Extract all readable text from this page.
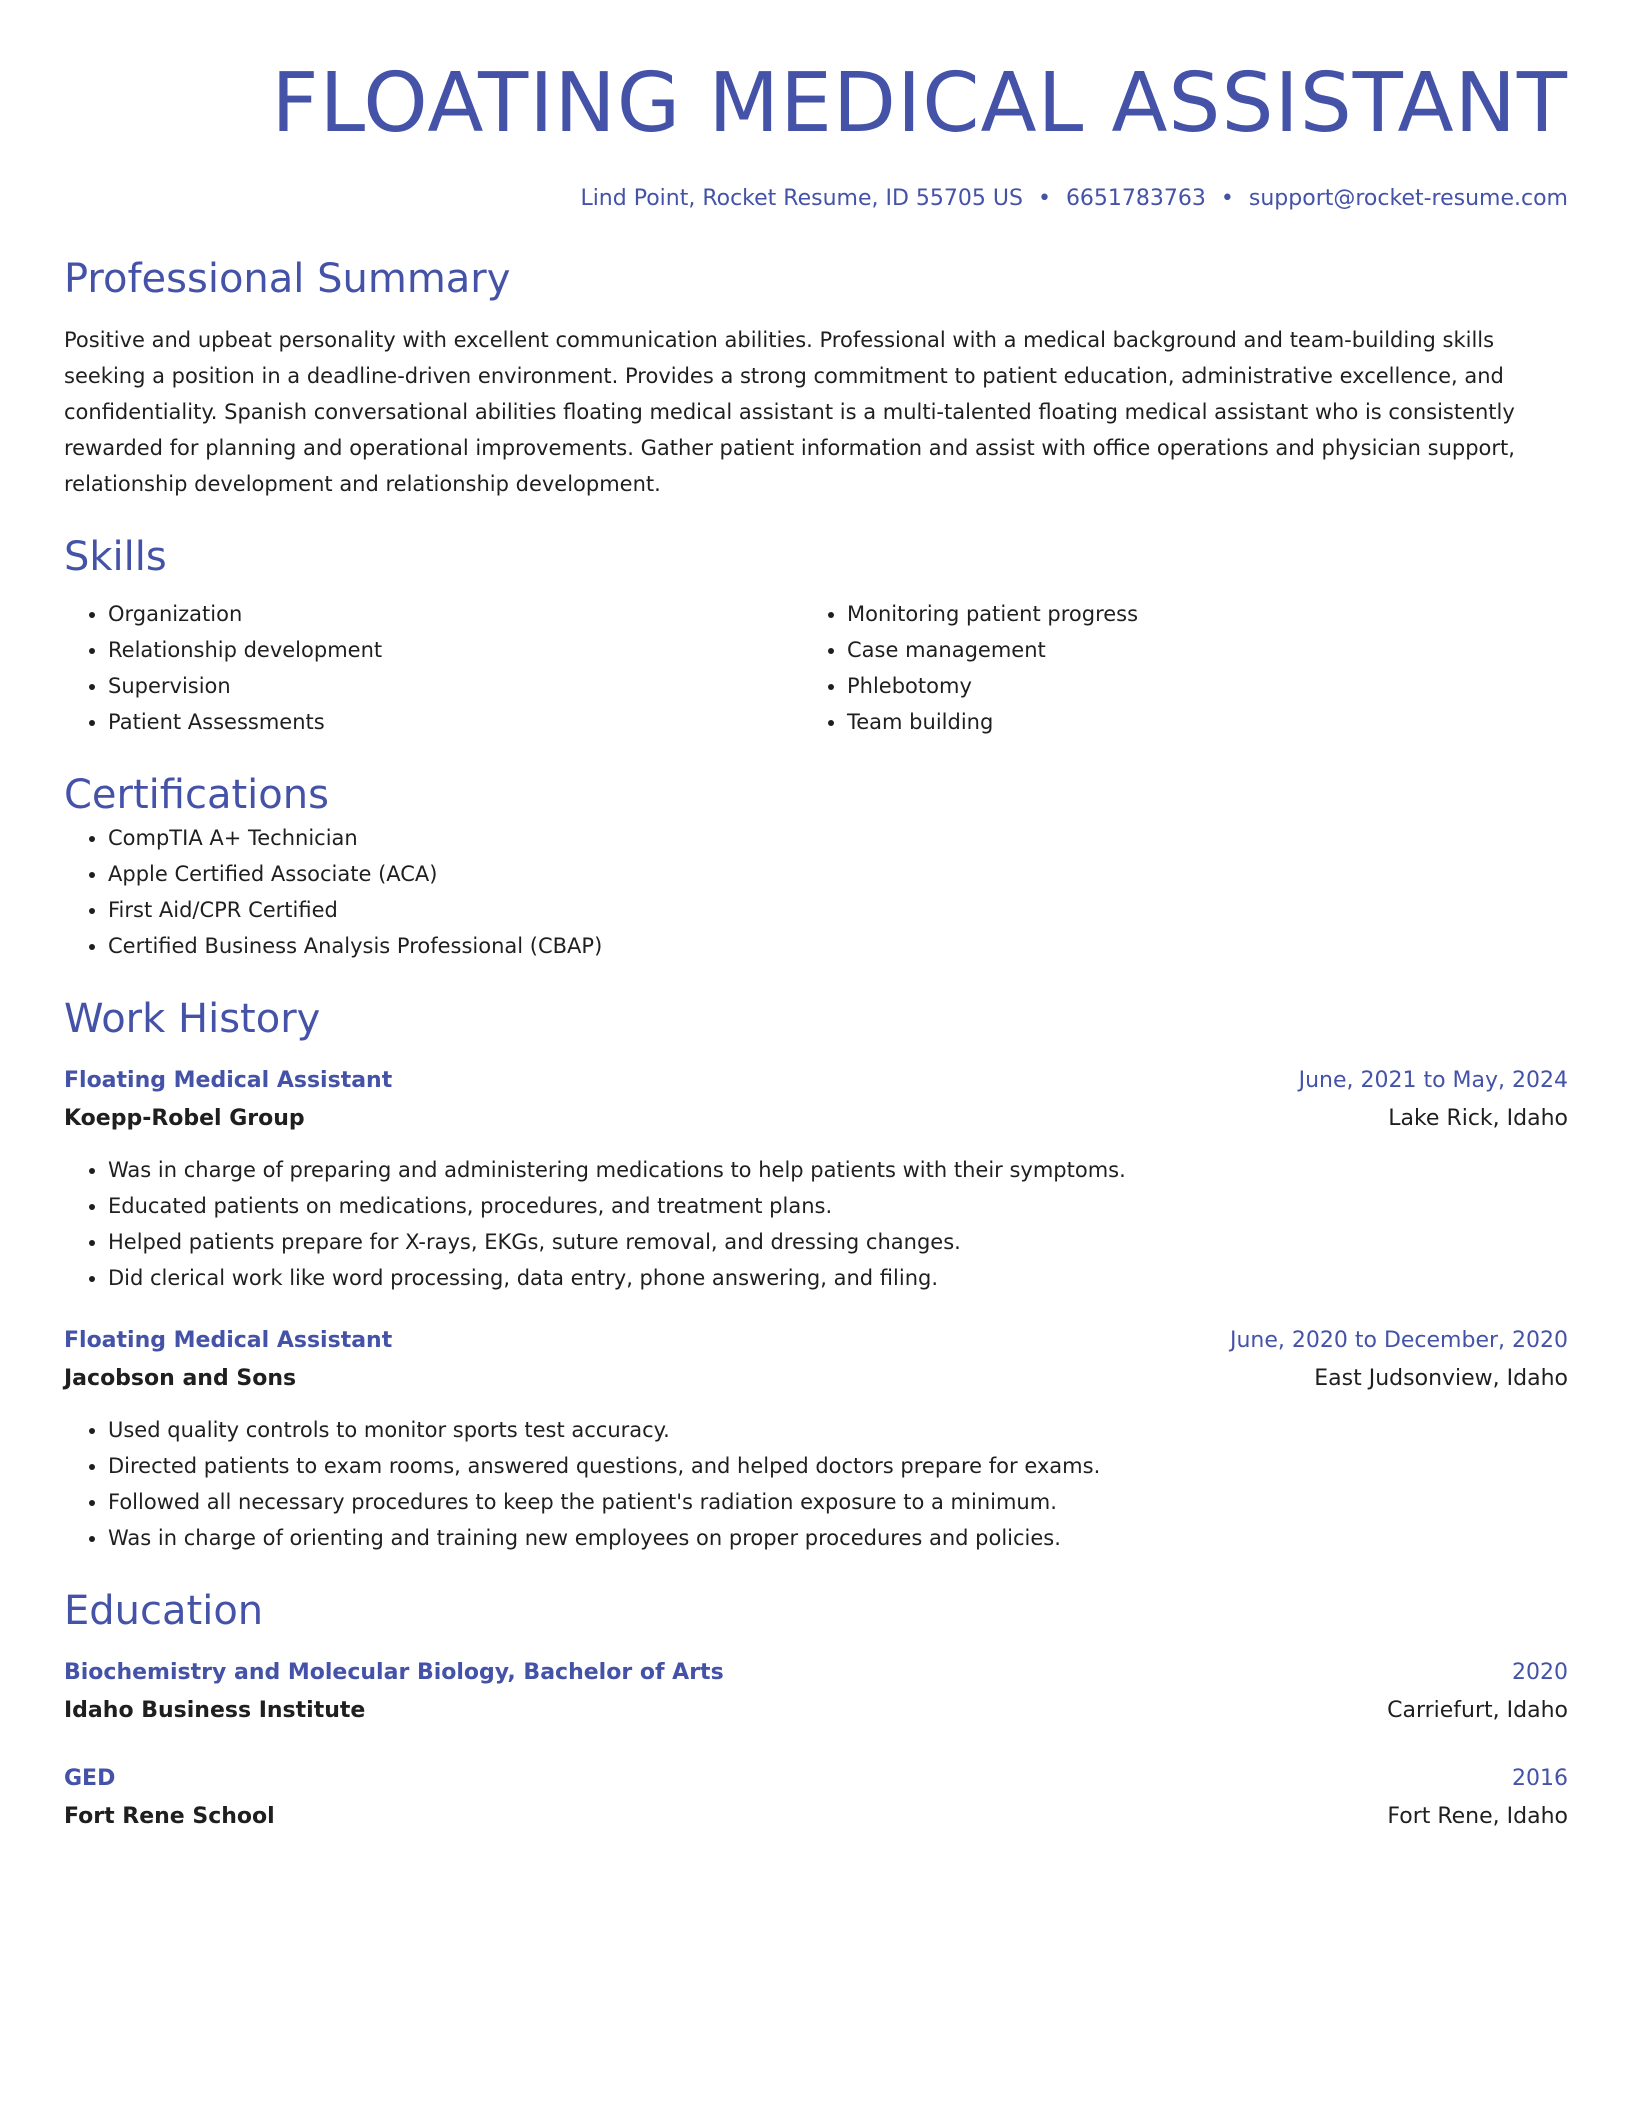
FLOATING MEDICAL ASSISTANT
Lind Point, Rocket Resume, ID 55705 US • 6651783763 • support@rocket-resume.com
Professional Summary

Positive and upbeat personality with excellent communication abilities. Professional with a medical background and team-building skills seeking a position in a deadline-driven environment. Provides a strong commitment to patient education, administrative excellence, and confidentiality. Spanish conversational abilities floating medical assistant is a multi-talented floating medical assistant who is consistently rewarded for planning and operational improvements. Gather patient information and assist with office operations and physician support, relationship development and relationship development.

Skills
• Organization
• Relationship development
• Supervision
• Patient Assessments
• Monitoring patient progress
• Case management
• Phlebotomy
• Team building
Certifications
• CompTIA A+ Technician
• Apple Certified Associate (ACA)
• First Aid/CPR Certified
• Certified Business Analysis Professional (CBAP)
Work History
Floating Medical Assistant	June, 2021 to May, 2024
Koepp-Robel Group	Lake Rick, Idaho
• Was in charge of preparing and administering medications to help patients with their symptoms.
• Educated patients on medications, procedures, and treatment plans.
• Helped patients prepare for X-rays, EKGs, suture removal, and dressing changes.
• Did clerical work like word processing, data entry, phone answering, and filing.
Floating Medical Assistant	June, 2020 to December, 2020
Jacobson and Sons	East Judsonview, Idaho
• Used quality controls to monitor sports test accuracy.
• Directed patients to exam rooms, answered questions, and helped doctors prepare for exams.
• Followed all necessary procedures to keep the patient's radiation exposure to a minimum.
• Was in charge of orienting and training new employees on proper procedures and policies.
Education
Biochemistry and Molecular Biology, Bachelor of Arts	2020
Idaho Business Institute	Carriefurt, Idaho
GED	2016
Fort Rene School	Fort Rene, Idaho
